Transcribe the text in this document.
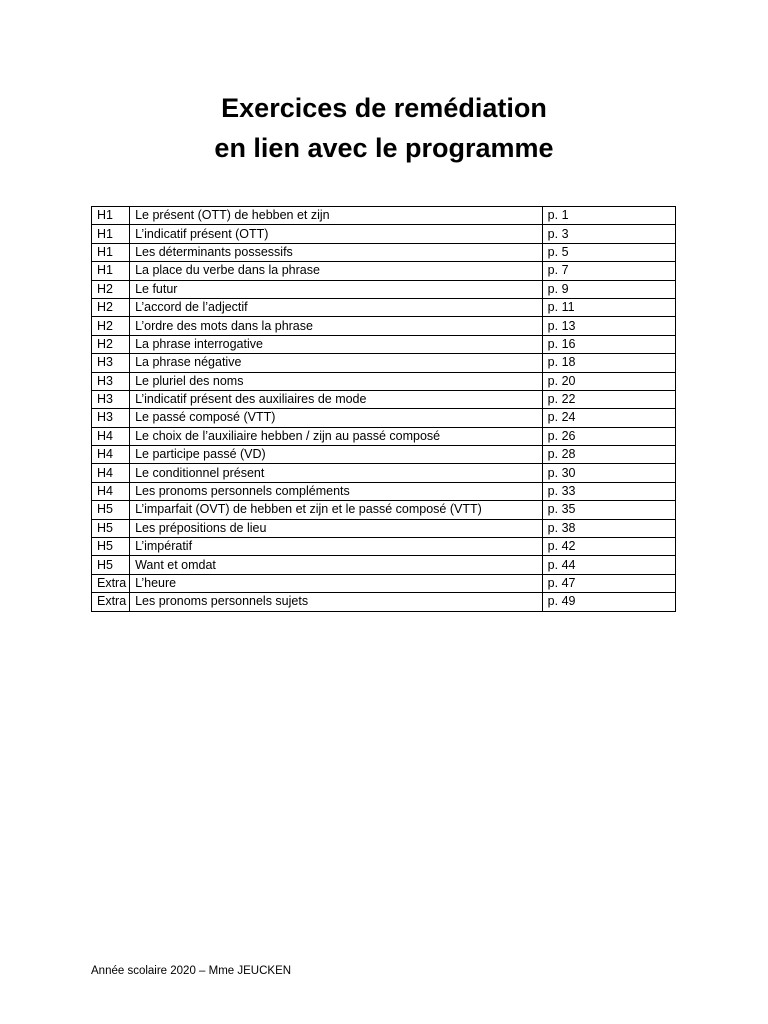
Exercices de remédiation
en lien avec le programme
H1	Le présent (OTT) de hebben et zijn	p. 1
H1	L’indicatif présent (OTT)	p. 3
H1	Les déterminants possessifs	p. 5
H1	La place du verbe dans la phrase	p. 7
H2	Le futur	p. 9
H2	L’accord de l’adjectif	p. 11
H2	L’ordre des mots dans la phrase	p. 13
H2	La phrase interrogative	p. 16
H3	La phrase négative	p. 18
H3	Le pluriel des noms	p. 20
H3	L’indicatif présent des auxiliaires de mode	p. 22
H3	Le passé composé (VTT)	p. 24
H4	Le choix de l’auxiliaire hebben / zijn au passé composé	p. 26
H4	Le participe passé (VD)	p. 28
H4	Le conditionnel présent	p. 30
H4	Les pronoms personnels compléments	p. 33
H5	L’imparfait (OVT) de hebben et zijn et le passé composé (VTT)	p. 35
H5	Les prépositions de lieu	p. 38
H5	L’impératif	p. 42
H5	Want et omdat	p. 44
Extra	L’heure	p. 47
Extra	Les pronoms personnels sujets	p. 49
Année scolaire 2020 – Mme JEUCKEN
